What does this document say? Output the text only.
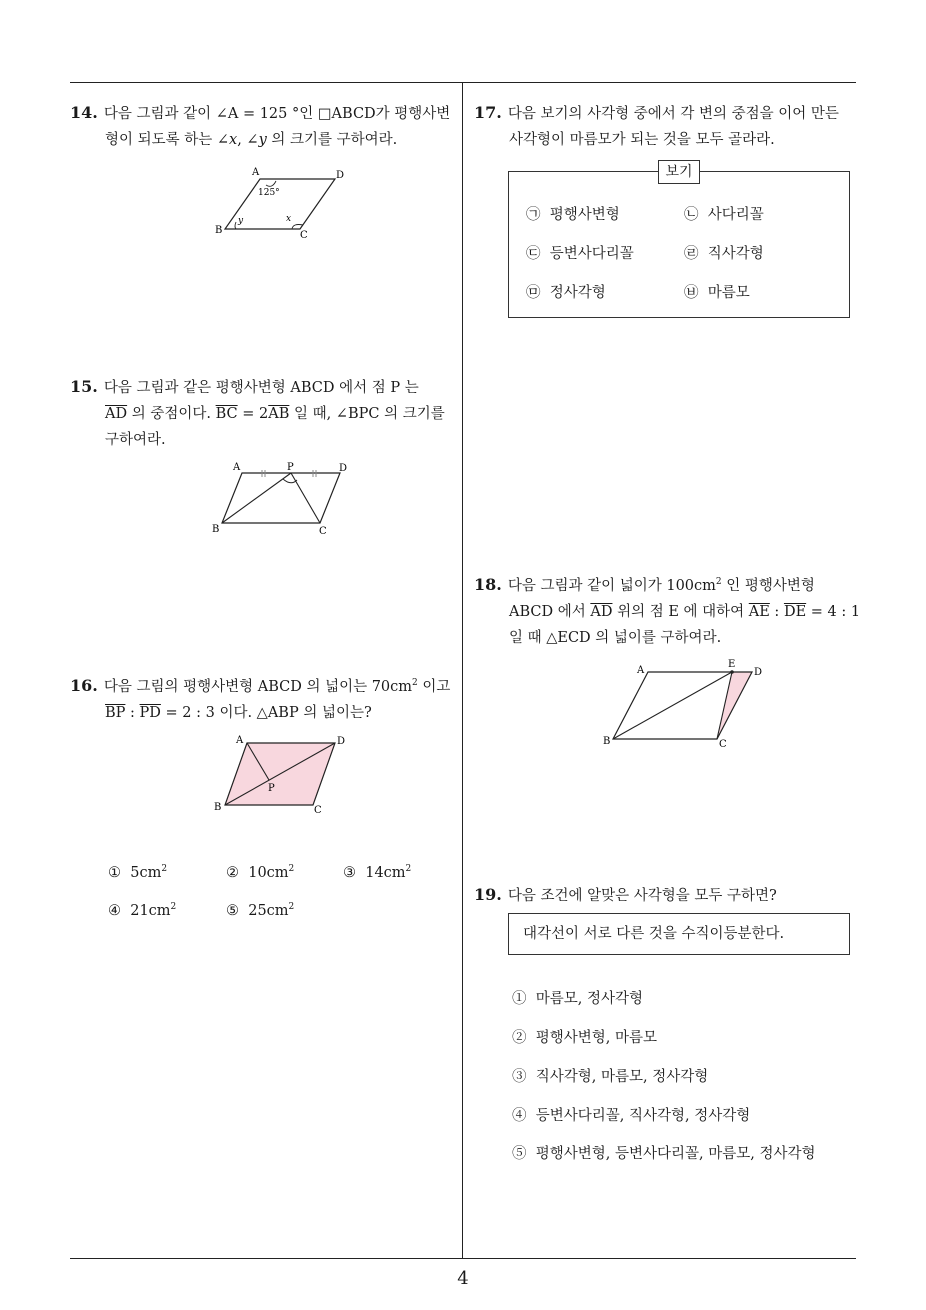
14. 다음 그림과 같이 ∠A = 125 °인 □ABCD가 평행사변
형이 되도록 하는 ∠x, ∠y 의 크기를 구하여라.
A	D
B	C
125°
y	x
15. 다음 그림과 같은 평행사변형 ABCD 에서 점 P 는
$\overline{AD}$ 의 중점이다. $\overline{BC} = 2\overline{AB}$ 일 때, ∠BPC 의 크기를
구하여라.
A	P	D
B	C
16. 다음 그림의 평행사변형 ABCD 의 넓이는 $70cm^2$ 이고
$\overline{BP}$ : $\overline{PD} = 2$ : 3 이다. △ABP 의 넓이는?
A	D
P
B	C
① $5cm^2$	② $10cm^2$	③ $14cm^2$
④ $21cm^2$	⑤ $25cm^2$
17. 다음 보기의 사각형 중에서 각 변의 중점을 이어 만든
사각형이 마름모가 되는 것을 모두 골라라.
보기
㉠ 평행사변형	㉡ 사다리꼴
㉢ 등변사다리꼴	㉣ 직사각형
㉤ 정사각형	㉥ 마름모
18. 다음 그림과 같이 넓이가 $100cm^2$ 인 평행사변형
ABCD 에서 $\overline{AD}$ 위의 점 E 에 대하여 $\overline{AE}$ : $\overline{DE} = 4$ : 1
일 때 △ECD 의 넓이를 구하여라.
A
E
D
B	C
19. 다음 조건에 알맞은 사각형을 모두 구하면?
대각선이 서로 다른 것을 수직이등분한다.
① 마름모, 정사각형
② 평행사변형, 마름모
③ 직사각형, 마름모, 정사각형
④ 등변사다리꼴, 직사각형, 정사각형
⑤ 평행사변형, 등변사다리꼴, 마름모, 정사각형
4
